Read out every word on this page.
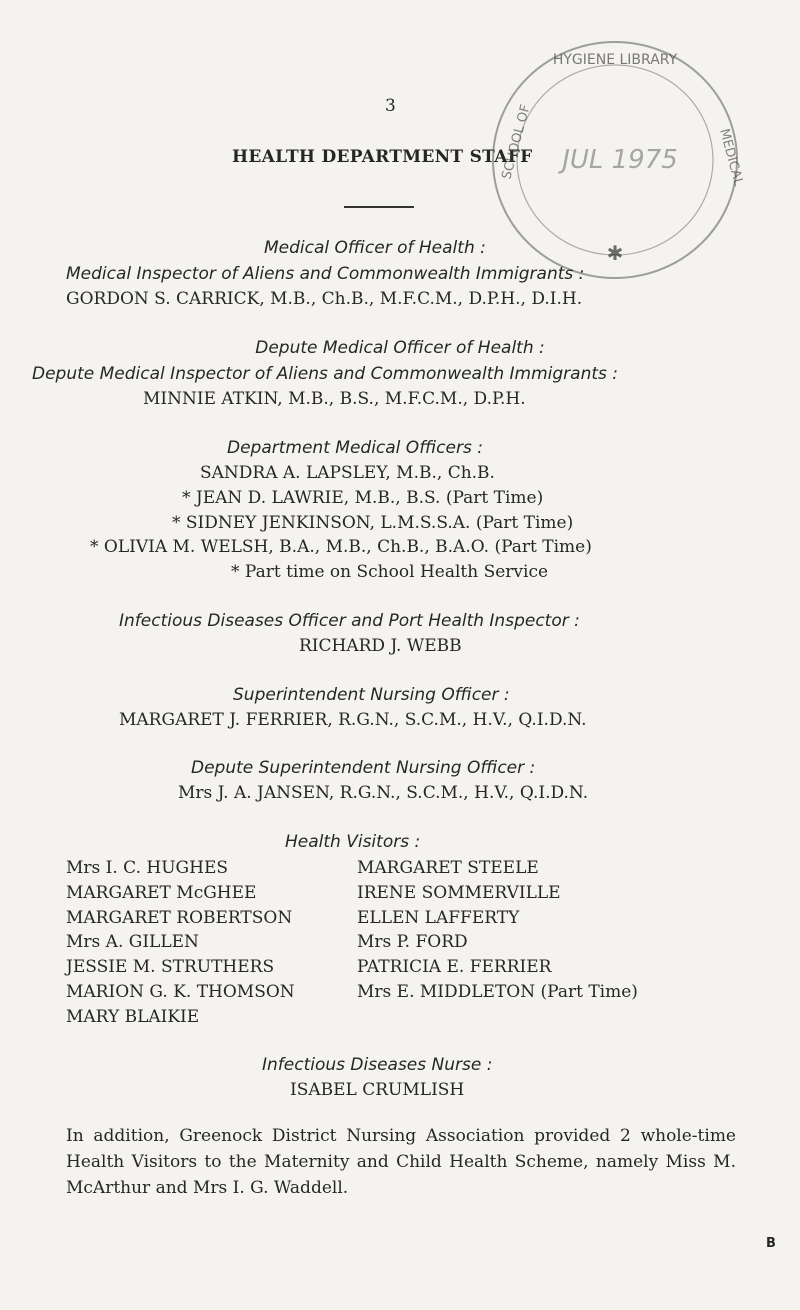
3
HEALTH DEPARTMENT STAFF
HYGIENE LIBRARY
SCHOOL OF	MEDICAL
JUL 1975
✱
Medical Officer of Health :
Medical Inspector of Aliens and Commonwealth Immigrants :
GORDON S. CARRICK, M.B., Ch.B., M.F.C.M., D.P.H., D.I.H.
Depute Medical Officer of Health :
Depute Medical Inspector of Aliens and Commonwealth Immigrants :
MINNIE ATKIN, M.B., B.S., M.F.C.M., D.P.H.
Department Medical Officers :
SANDRA A. LAPSLEY, M.B., Ch.B.
* JEAN D. LAWRIE, M.B., B.S. (Part Time)
* SIDNEY JENKINSON, L.M.S.S.A. (Part Time)
* OLIVIA M. WELSH, B.A., M.B., Ch.B., B.A.O. (Part Time)
* Part time on School Health Service
Infectious Diseases Officer and Port Health Inspector :
RICHARD J. WEBB
Superintendent Nursing Officer :
MARGARET J. FERRIER, R.G.N., S.C.M., H.V., Q.I.D.N.
Depute Superintendent Nursing Officer :
Mrs J. A. JANSEN, R.G.N., S.C.M., H.V., Q.I.D.N.
Health Visitors :
Mrs I. C. HUGHES
MARGARET McGHEE
MARGARET ROBERTSON
Mrs A. GILLEN
JESSIE M. STRUTHERS
MARION G. K. THOMSON
MARY BLAIKIE
MARGARET STEELE
IRENE SOMMERVILLE
ELLEN LAFFERTY
Mrs P. FORD
PATRICIA E. FERRIER
Mrs E. MIDDLETON (Part Time)
Infectious Diseases Nurse :
ISABEL CRUMLISH
In addition, Greenock District Nursing Association provided 2 whole-time Health Visitors to the Maternity and Child Health Scheme, namely Miss M. McArthur and Mrs I. G. Waddell.
B
